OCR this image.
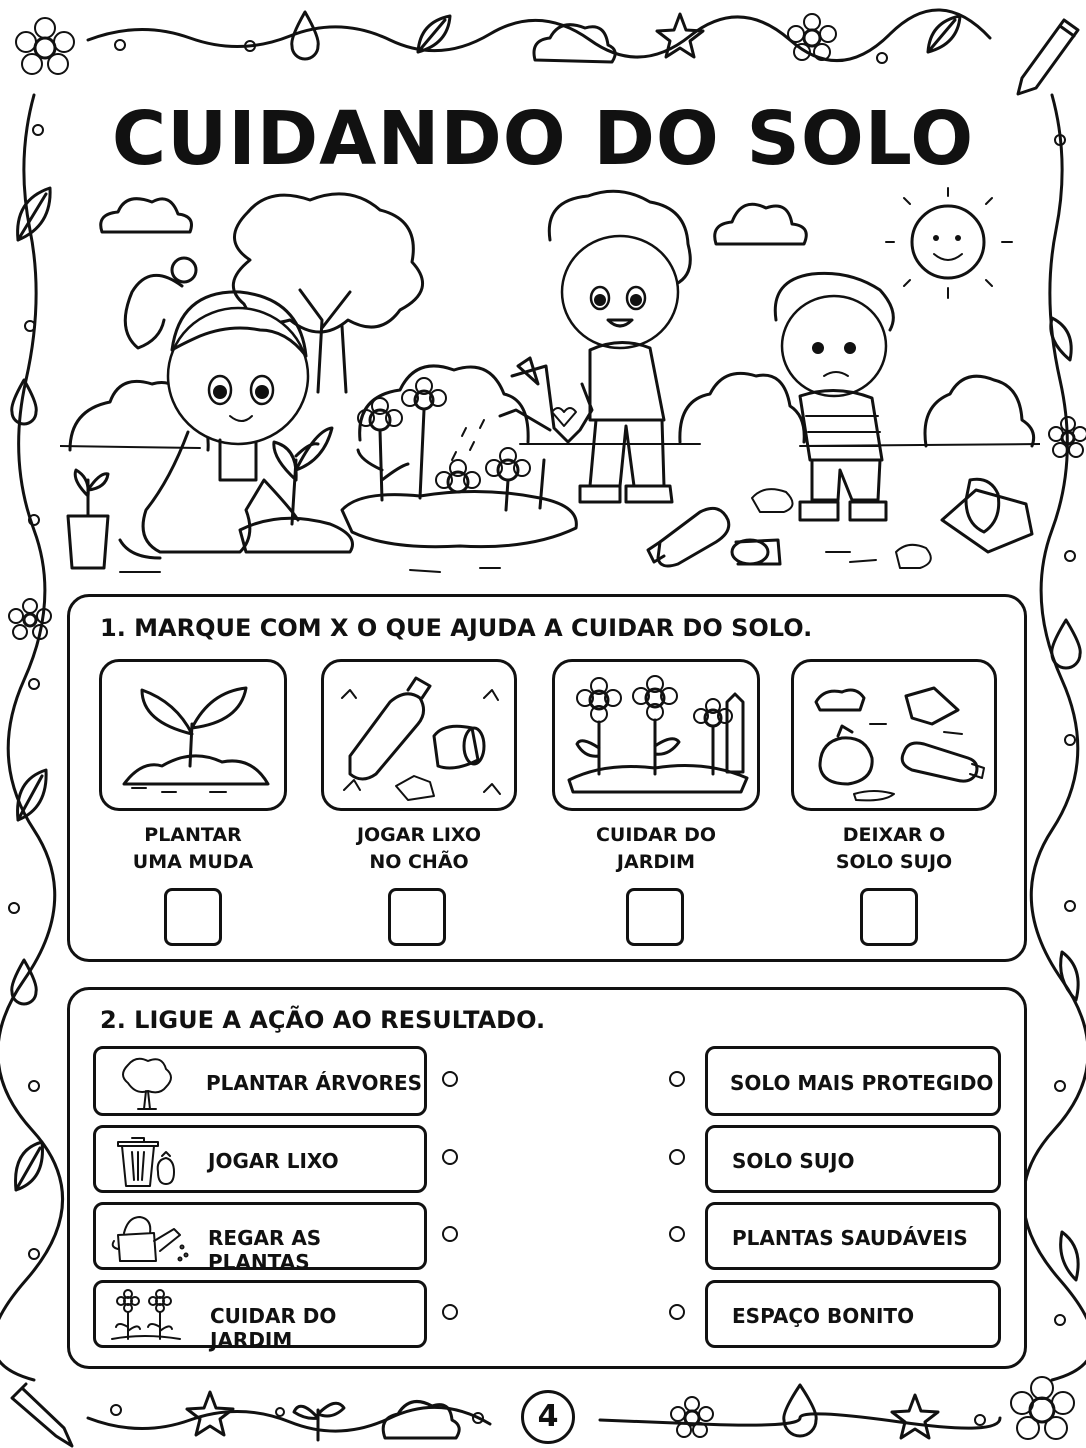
CUIDANDO DO SOLO
1. MARQUE COM X O QUE AJUDA A CUIDAR DO SOLO.
PLANTAR
UMA MUDA
JOGAR LIXO
NO CHÃO
CUIDAR DO
JARDIM
DEIXAR O
SOLO SUJO
2. LIGUE A AÇÃO AO RESULTADO.
PLANTAR ÁRVORES
JOGAR LIXO
REGAR AS PLANTAS
CUIDAR DO JARDIM
SOLO MAIS PROTEGIDO
SOLO SUJO
PLANTAS SAUDÁVEIS
ESPAÇO BONITO
4
